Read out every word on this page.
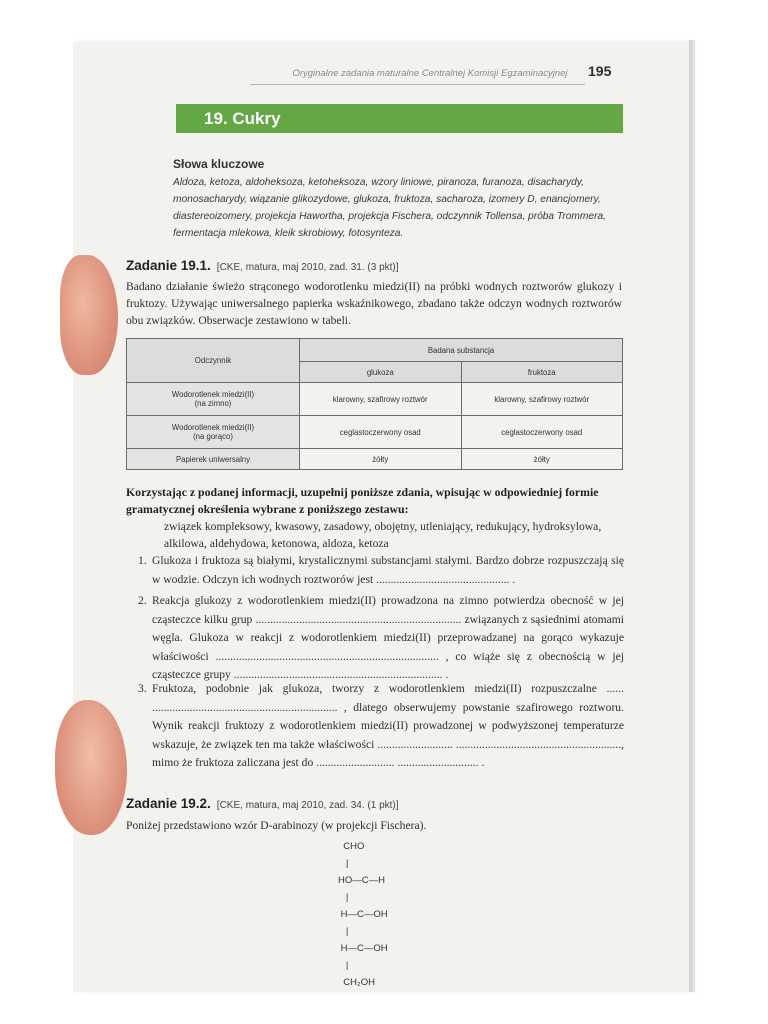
Oryginalne zadania maturalne Centralnej Komisji Egzaminacyjnej	195
19. Cukry
Słowa kluczowe
Aldoza, ketoza, aldoheksoza, ketoheksoza, wzory liniowe, piranoza, furanoza, disacharydy, monosacharydy, wiązanie glikozydowe, glukoza, fruktoza, sacharoza, izomery D, enancjomery, diastereoizomery, projekcja Hawortha, projekcja Fischera, odczynnik Tollensa, próba Trommera, fermentacja mlekowa, kleik skrobiowy, fotosynteza.
Zadanie 19.1. [CKE, matura, maj 2010, zad. 31. (3 pkt)]
Badano działanie świeżo strąconego wodorotlenku miedzi(II) na próbki wodnych roztworów glukozy i fruktozy. Używając uniwersalnego papierka wskaźnikowego, zbadano także odczyn wodnych roztworów obu związków. Obserwacje zestawiono w tabeli.
Odczynnik	Badana substancja	
	glukoza	fruktoza
Wodorotlenek miedzi(II)
(na zimno)	klarowny, szafirowy roztwór	klarowny, szafirowy roztwór
Wodorotlenek miedzi(II)
(na gorąco)	ceglastoczerwony osad	ceglastoczerwony osad
Papierek uniwersalny	żółty	żółty
Korzystając z podanej informacji, uzupełnij poniższe zdania, wpisując w odpowiedniej formie gramatycznej określenia wybrane z poniższego zestawu:
związek kompleksowy, kwasowy, zasadowy, obojętny, utleniający, redukujący, hydroksylowa, alkilowa, aldehydowa, ketonowa, aldoza, ketoza
1. Glukoza i fruktoza są białymi, krystalicznymi substancjami stałymi. Bardzo dobrze rozpuszczają się w wodzie. Odczyn ich wodnych roztworów jest .............................................. .
2. Reakcja glukozy z wodorotlenkiem miedzi(II) prowadzona na zimno potwierdza obecność w jej cząsteczce kilku grup ....................................................................... związanych z sąsiednimi atomami węgla. Glukoza w reakcji z wodorotlenkiem miedzi(II) przeprowadzanej na gorąco wykazuje właściwości ............................................................................. , co wiąże się z obecnością w jej cząsteczce grupy ........................................................................ .
3. Fruktoza, podobnie jak glukoza, tworzy z wodorotlenkiem miedzi(II) rozpuszczalne ...... ................................................................ , dlatego obserwujemy powstanie szafirowego roztworu. Wynik reakcji fruktozy z wodorotlenkiem miedzi(II) prowadzonej w podwyższonej temperaturze wskazuje, że związek ten ma także właściwości .......................... ........................................................., mimo że fruktoza zaliczana jest do ........................... ............................ .
Zadanie 19.2. [CKE, matura, maj 2010, zad. 34. (1 pkt)]
Poniżej przedstawiono wzór D-arabinozy (w projekcji Fischera).
CHO
|
HO—C—H
|
H—C—OH
|
H—C—OH
|
CH₂OH
